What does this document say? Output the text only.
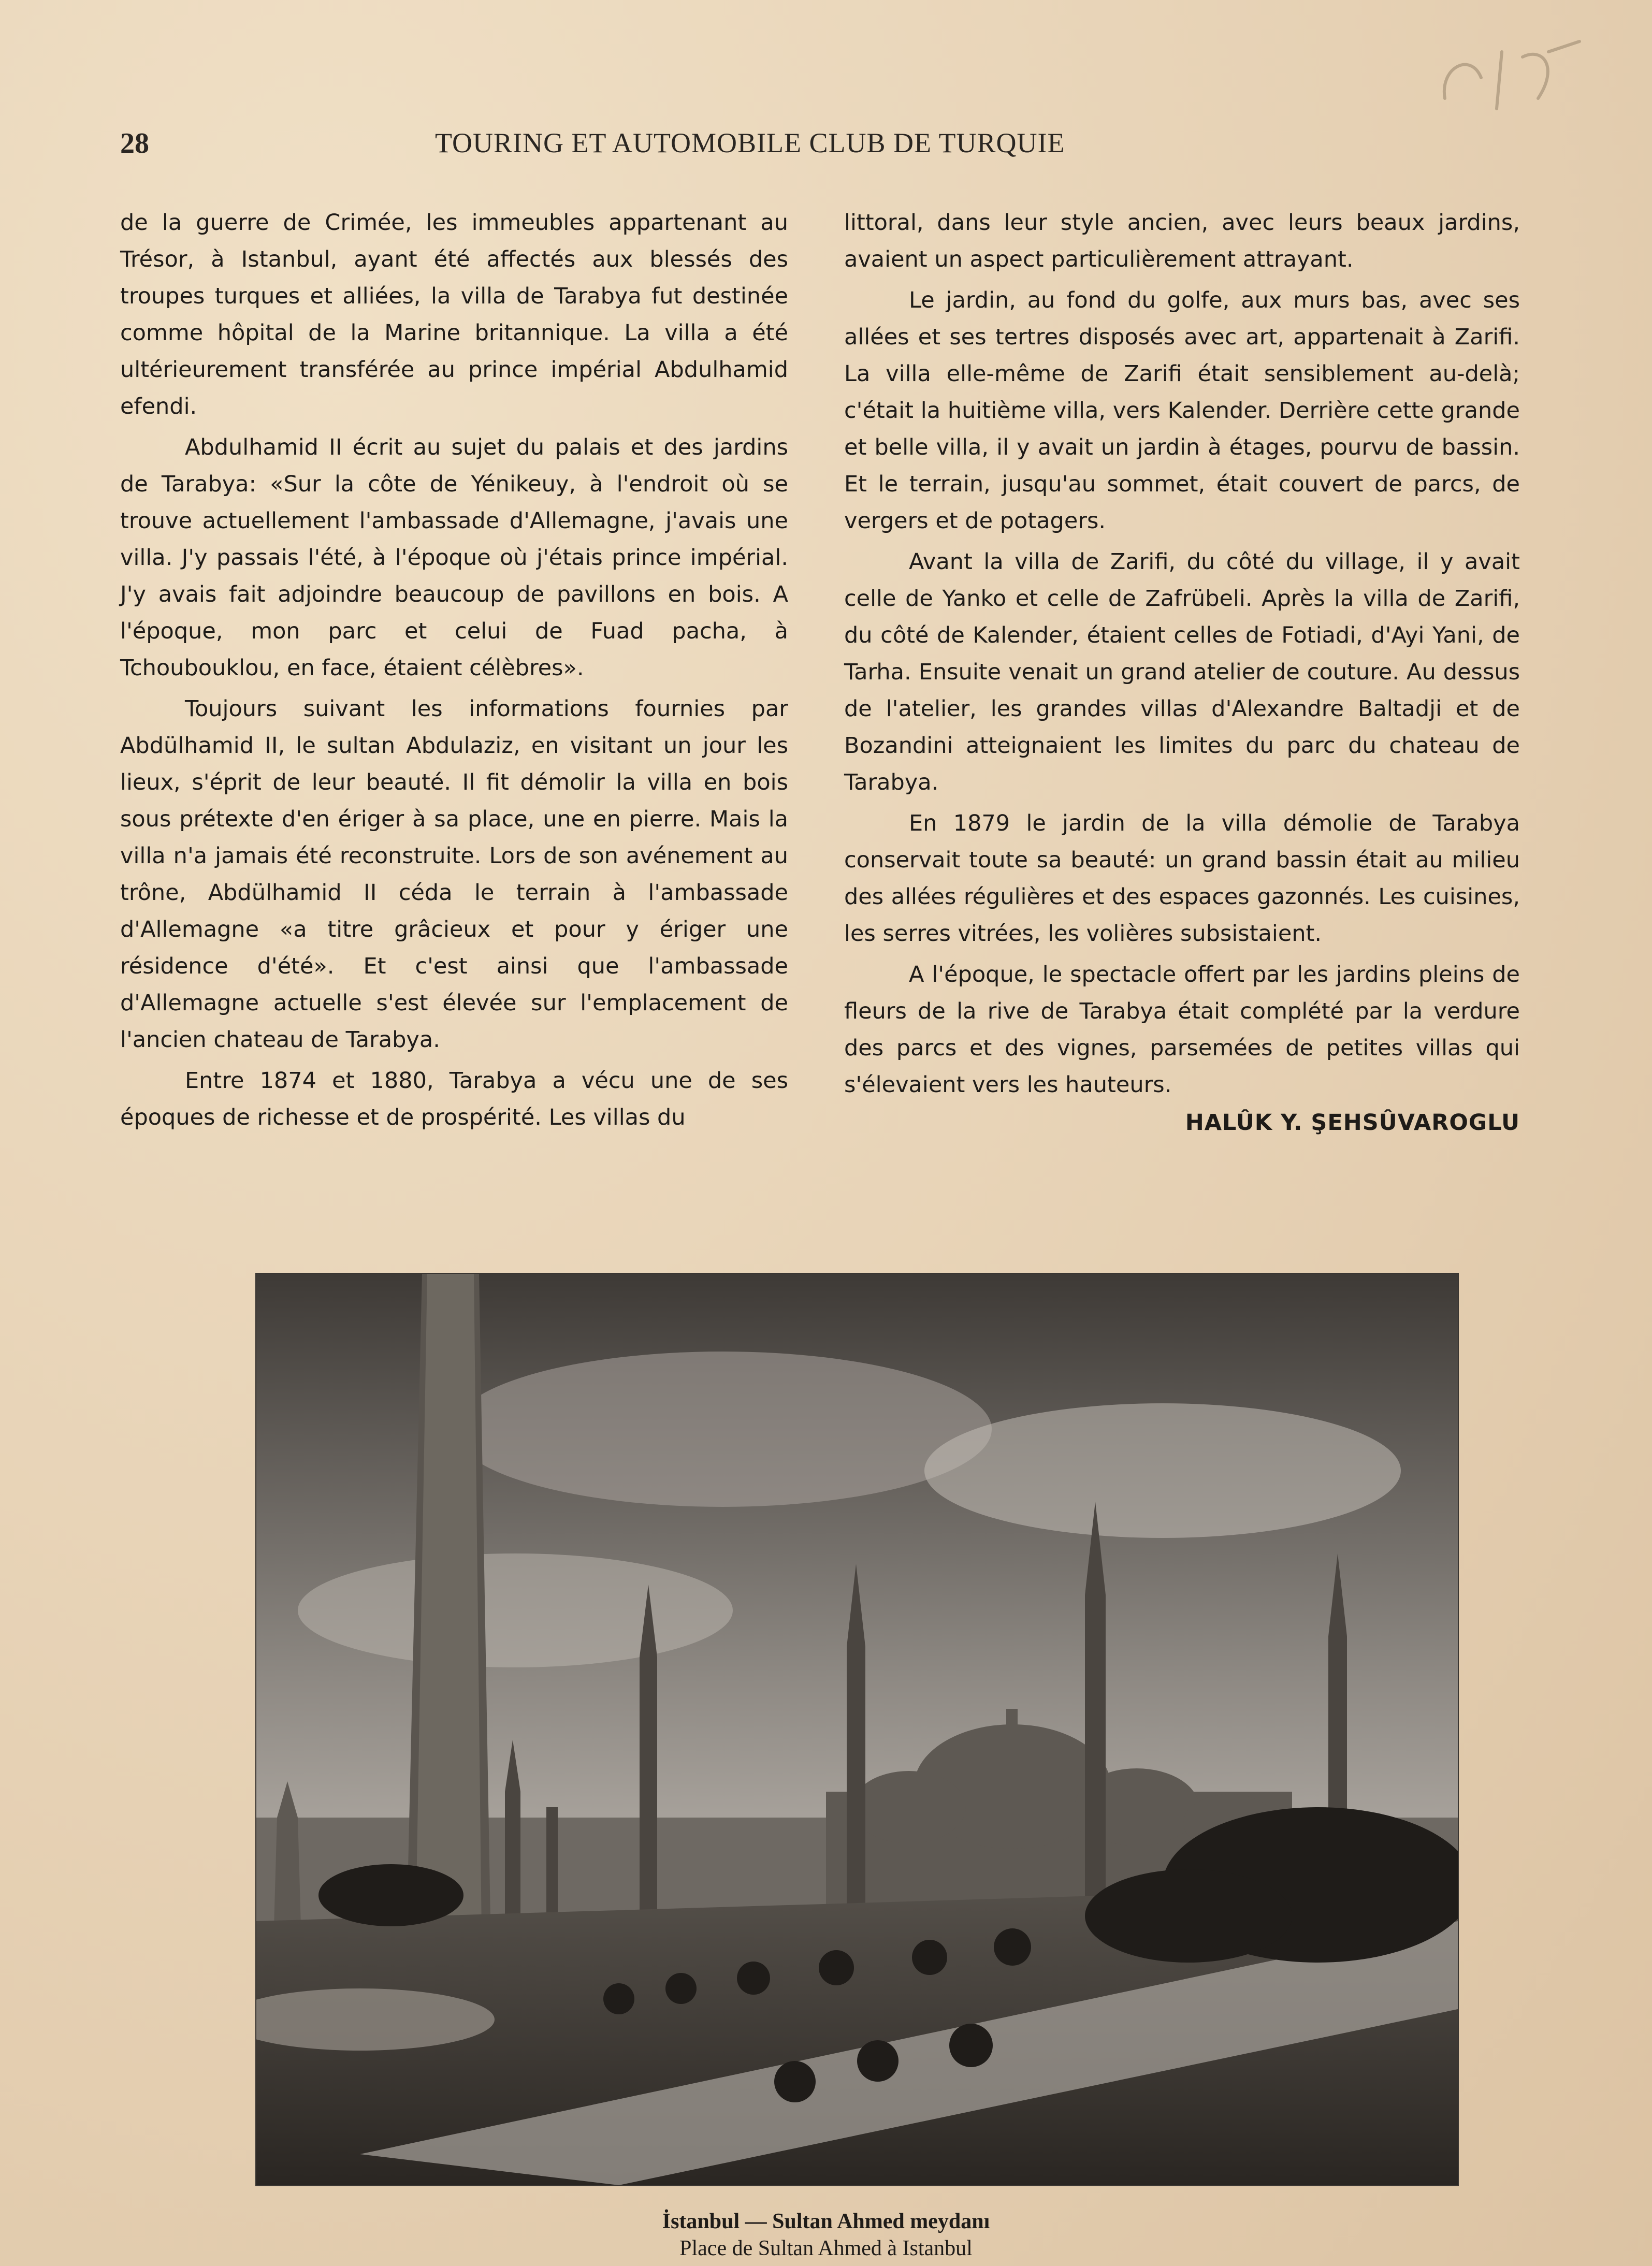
28	TOURING ET AUTOMOBILE CLUB DE TURQUIE

de la guerre de Crimée, les immeubles appartenant au Trésor, à Istanbul, ayant été affectés aux blessés des troupes turques et alliées, la villa de Tarabya fut destinée comme hôpital de la Marine britannique. La villa a été ultérieurement transférée au prince impérial Abdulhamid efendi.

Abdulhamid II écrit au sujet du palais et des jardins de Tarabya: «Sur la côte de Yénikeuy, à l'endroit où se trouve actuellement l'ambassade d'Allemagne, j'avais une villa. J'y passais l'été, à l'époque où j'étais prince impérial. J'y avais fait adjoindre beaucoup de pavillons en bois. A l'époque, mon parc et celui de Fuad pacha, à Tchoubouklou, en face, étaient célèbres».

Toujours suivant les informations fournies par Abdülhamid II, le sultan Abdulaziz, en visitant un jour les lieux, s'éprit de leur beauté. Il fit démolir la villa en bois sous prétexte d'en ériger à sa place, une en pierre. Mais la villa n'a jamais été reconstruite. Lors de son avénement au trône, Abdülhamid II céda le terrain à l'ambassade d'Allemagne «a titre grâcieux et pour y ériger une résidence d'été». Et c'est ainsi que l'ambassade d'Allemagne actuelle s'est élevée sur l'emplacement de l'ancien chateau de Tarabya.

Entre 1874 et 1880, Tarabya a vécu une de ses époques de richesse et de prospérité. Les villas du

littoral, dans leur style ancien, avec leurs beaux jardins, avaient un aspect particulièrement attrayant.

Le jardin, au fond du golfe, aux murs bas, avec ses allées et ses tertres disposés avec art, appartenait à Zarifi. La villa elle-même de Zarifi était sensiblement au-delà; c'était la huitième villa, vers Kalender. Derrière cette grande et belle villa, il y avait un jardin à étages, pourvu de bassin. Et le terrain, jusqu'au sommet, était couvert de parcs, de vergers et de potagers.

Avant la villa de Zarifi, du côté du village, il y avait celle de Yanko et celle de Zafrübeli. Après la villa de Zarifi, du côté de Kalender, étaient celles de Fotiadi, d'Ayi Yani, de Tarha. Ensuite venait un grand atelier de couture. Au dessus de l'atelier, les grandes villas d'Alexandre Baltadji et de Bozandini atteignaient les limites du parc du chateau de Tarabya.

En 1879 le jardin de la villa démolie de Tarabya conservait toute sa beauté: un grand bassin était au milieu des allées régulières et des espaces gazonnés. Les cuisines, les serres vitrées, les volières subsistaient.

A l'époque, le spectacle offert par les jardins pleins de fleurs de la rive de Tarabya était complété par la verdure des parcs et des vignes, parsemées de petites villas qui s'élevaient vers les hauteurs.

HALÛK Y. ŞEHSÛVAROGLU
İstanbul — Sultan Ahmed meydanı
Place de Sultan Ahmed à Istanbul
